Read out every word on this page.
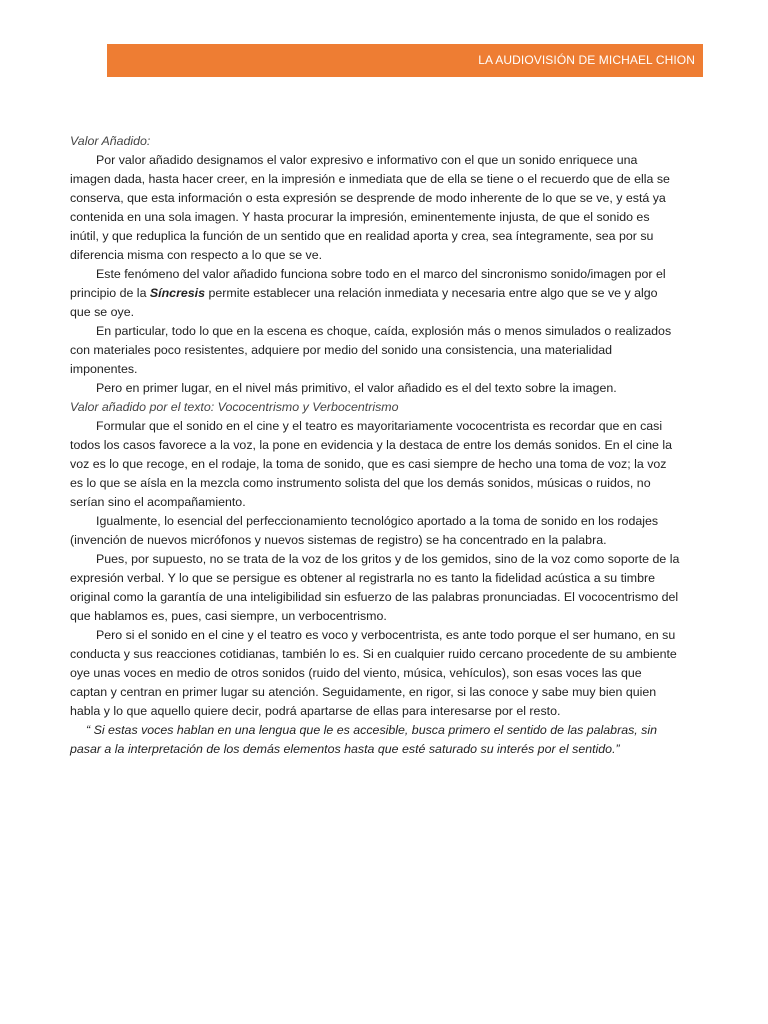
LA AUDIOVISIÓN DE MICHAEL CHION

Valor Añadido:

Por valor añadido designamos el valor expresivo e informativo con el que un sonido enriquece una imagen dada, hasta hacer creer, en la impresión e inmediata que de ella se tiene o el recuerdo que de ella se conserva, que esta información o esta expresión se desprende de modo inherente de lo que se ve, y está ya contenida en una sola imagen. Y hasta procurar la impresión, eminentemente injusta, de que el sonido es inútil, y que reduplica la función de un sentido que en realidad aporta y crea, sea íntegramente, sea por su diferencia misma con respecto a lo que se ve.

Este fenómeno del valor añadido funciona sobre todo en el marco del sincronismo sonido/imagen por el principio de la Síncresis permite establecer una relación inmediata y necesaria entre algo que se ve y algo que se oye.

En particular, todo lo que en la escena es choque, caída, explosión más o menos simulados o realizados con materiales poco resistentes, adquiere por medio del sonido una consistencia, una materialidad imponentes.

Pero en primer lugar, en el nivel más primitivo, el valor añadido es el del texto sobre la imagen.

Valor añadido por el texto: Vococentrismo y Verbocentrismo

Formular que el sonido en el cine y el teatro es mayoritariamente vococentrista es recordar que en casi todos los casos favorece a la voz, la pone en evidencia y la destaca de entre los demás sonidos. En el cine la voz es lo que recoge, en el rodaje, la toma de sonido, que es casi siempre de hecho una toma de voz; la voz es lo que se aísla en la mezcla como instrumento solista del que los demás sonidos, músicas o ruidos, no serían sino el acompañamiento.

Igualmente, lo esencial del perfeccionamiento tecnológico aportado a la toma de sonido en los rodajes (invención de nuevos micrófonos y nuevos sistemas de registro) se ha concentrado en la palabra.

Pues, por supuesto, no se trata de la voz de los gritos y de los gemidos, sino de la voz como soporte de la expresión verbal. Y lo que se persigue es obtener al registrarla no es tanto la fidelidad acústica a su timbre original como la garantía de una inteligibilidad sin esfuerzo de las palabras pronunciadas. El vococentrismo del que hablamos es, pues, casi siempre, un verbocentrismo.

Pero si el sonido en el cine y el teatro es voco y verbocentrista, es ante todo porque el ser humano, en su conducta y sus reacciones cotidianas, también lo es. Si en cualquier ruido cercano procedente de su ambiente oye unas voces en medio de otros sonidos (ruido del viento, música, vehículos), son esas voces las que captan y centran en primer lugar su atención. Seguidamente, en rigor, si las conoce y sabe muy bien quien habla y lo que aquello quiere decir, podrá apartarse de ellas para interesarse por el resto.

“ Si estas voces hablan en una lengua que le es accesible, busca primero el sentido de las palabras, sin pasar a la interpretación de los demás elementos hasta que esté saturado su interés por el sentido.”
